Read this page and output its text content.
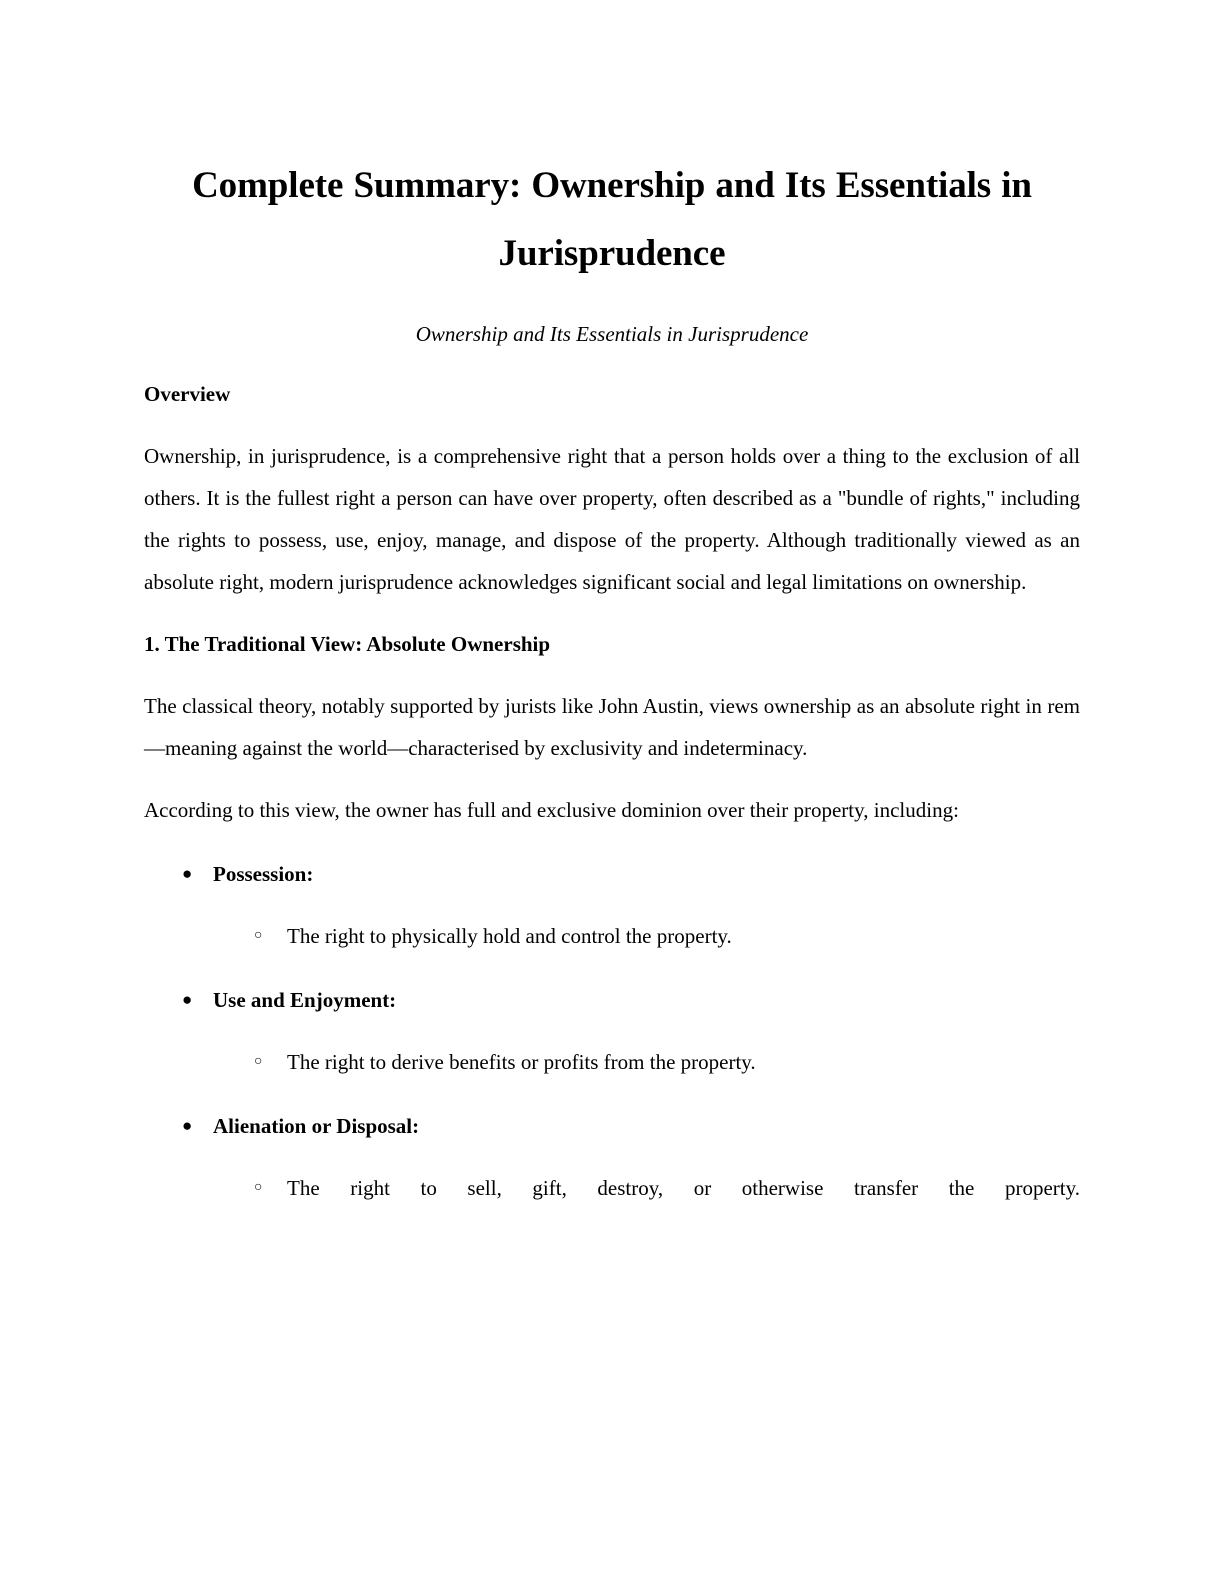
Complete Summary: Ownership and Its Essentials in Jurisprudence

Ownership and Its Essentials in Jurisprudence

Overview

Ownership, in jurisprudence, is a comprehensive right that a person holds over a thing to the exclusion of all others. It is the fullest right a person can have over property, often described as a "bundle of rights," including the rights to possess, use, enjoy, manage, and dispose of the property. Although traditionally viewed as an absolute right, modern jurisprudence acknowledges significant social and legal limitations on ownership.

1. The Traditional View: Absolute Ownership

The classical theory, notably supported by jurists like John Austin, views ownership as an absolute right in rem—meaning against the world—characterised by exclusivity and indeterminacy.

According to this view, the owner has full and exclusive dominion over their property, including:

● Possession:

○ The right to physically hold and control the property.

● Use and Enjoyment:

○ The right to derive benefits or profits from the property.

● Alienation or Disposal:

○ The right to sell, gift, destroy, or otherwise transfer the property.
